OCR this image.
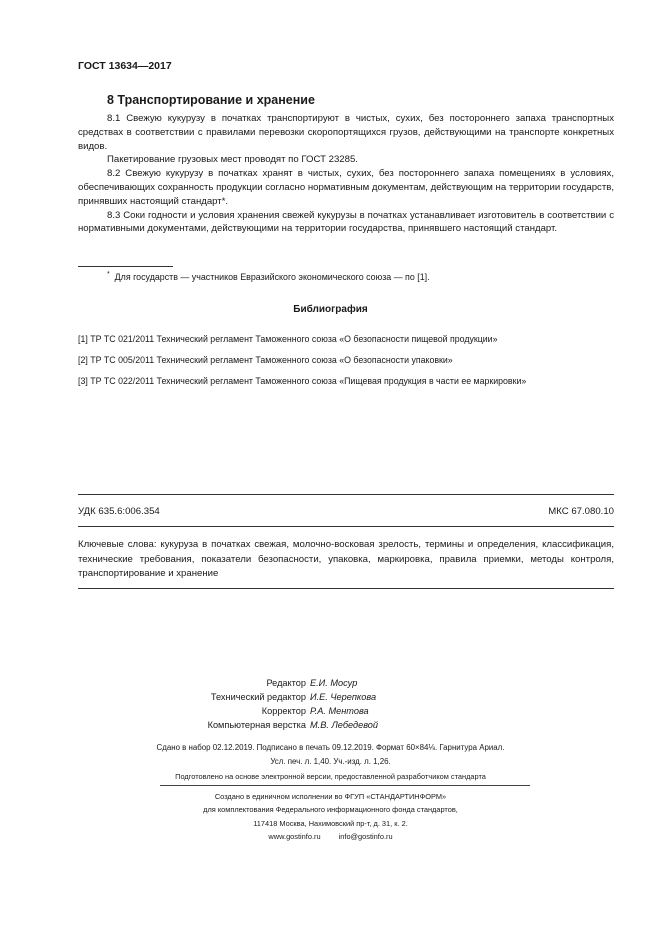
ГОСТ 13634—2017
8 Транспортирование и хранение

8.1 Свежую кукурузу в початках транспортируют в чистых, сухих, без постороннего запаха транспортных средствах в соответствии с правилами перевозки скоропортящихся грузов, действующими на транспорте конкретных видов.

Пакетирование грузовых мест проводят по ГОСТ 23285.

8.2 Свежую кукурузу в початках хранят в чистых, сухих, без постороннего запаха помещениях в условиях, обеспечивающих сохранность продукции согласно нормативным документам, действующим на территории государств, принявших настоящий стандарт*.

8.3 Соки годности и условия хранения свежей кукурузы в початках устанавливает изготовитель в соответствии с нормативными документами, действующими на территории государства, принявшего настоящий стандарт.

* Для государств — участников Евразийского экономического союза — по [1].
Библиография
[1] ТР ТС 021/2011 Технический регламент Таможенного союза «О безопасности пищевой продукции»
[2] ТР ТС 005/2011 Технический регламент Таможенного союза «О безопасности упаковки»
[3] ТР ТС 022/2011 Технический регламент Таможенного союза «Пищевая продукция в части ее маркировки»
УДК 635.6:006.354	МКС 67.080.10
Ключевые слова: кукуруза в початках свежая, молочно-восковая зрелость, термины и определения, классификация, технические требования, показатели безопасности, упаковка, маркировка, правила приемки, методы контроля, транспортирование и хранение
Редактор Е.И. Мосур
Технический редактор И.Е. Черепкова
Корректор Р.А. Ментова
Компьютерная верстка М.В. Лебедевой
Сдано в набор 02.12.2019. Подписано в печать 09.12.2019. Формат 60×84⅛. Гарнитура Ариал.
Усл. печ. л. 1,40. Уч.-изд. л. 1,26.
Подготовлено на основе электронной версии, предоставленной разработчиком стандарта
Создано в единичном исполнении во ФГУП «СТАНДАРТИНФОРМ»
для комплектования Федерального информационного фонда стандартов,
117418 Москва, Нахимовский пр-т, д. 31, к. 2.
www.gostinfo.ru info@gostinfo.ru
